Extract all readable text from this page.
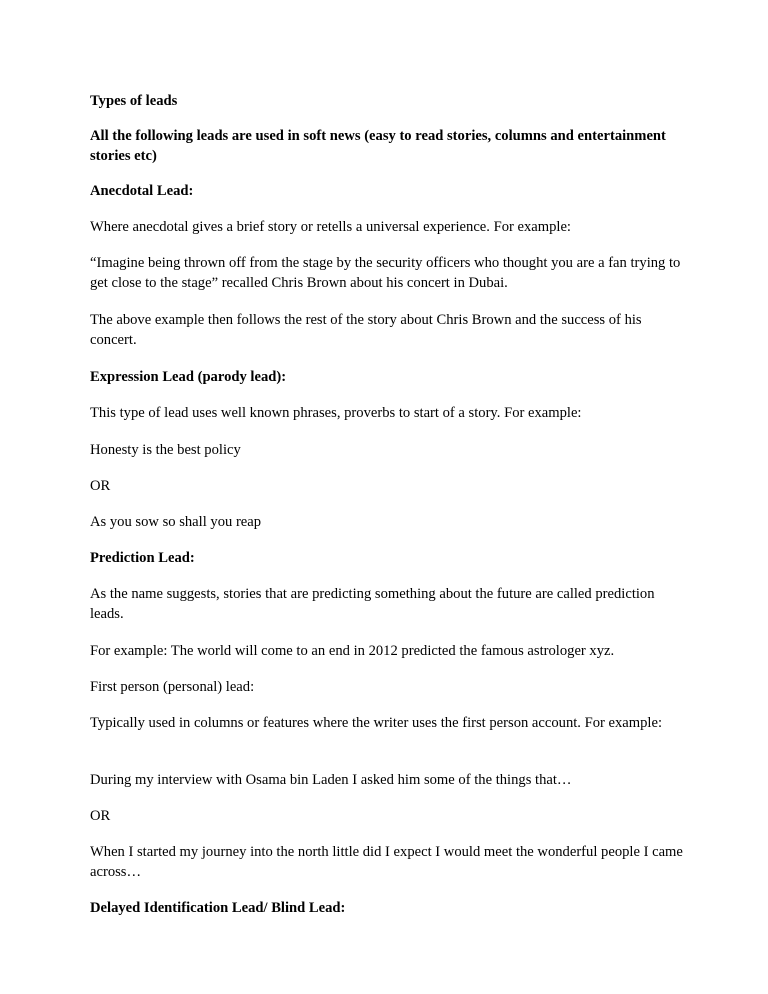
Types of leads
All the following leads are used in soft news (easy to read stories, columns and entertainment stories etc)
Anecdotal Lead:
Where anecdotal gives a brief story or retells a universal experience. For example:
“Imagine being thrown off from the stage by the security officers who thought you are a fan trying to get close to the stage” recalled Chris Brown about his concert in Dubai.
The above example then follows the rest of the story about Chris Brown and the success of his concert.
Expression Lead (parody lead):
This type of lead uses well known phrases, proverbs to start of a story. For example:
Honesty is the best policy
OR
As you sow so shall you reap
Prediction Lead:
As the name suggests, stories that are predicting something about the future are called prediction leads.
For example: The world will come to an end in 2012 predicted the famous astrologer xyz.
First person (personal) lead:
Typically used in columns or features where the writer uses the first person account. For example:
During my interview with Osama bin Laden I asked him some of the things that…
OR
When I started my journey into the north little did I expect I would meet the wonderful people I came across…
Delayed Identification Lead/ Blind Lead:
